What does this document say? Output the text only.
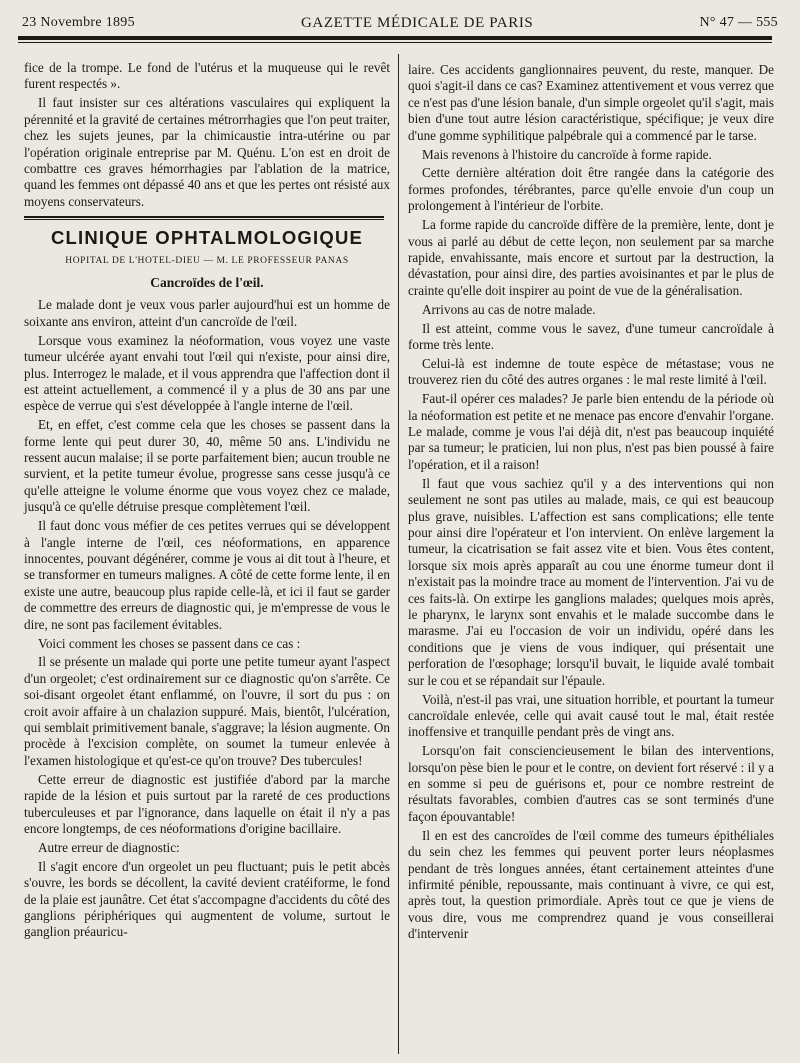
23 Novembre 1895	GAZETTE MÉDICALE DE PARIS	N° 47 — 555

fice de la trompe. Le fond de l'utérus et la muqueuse qui le revêt furent respectés ».

Il faut insister sur ces altérations vasculaires qui expliquent la pérennité et la gravité de certaines métrorrhagies que l'on peut traiter, chez les sujets jeunes, par la chimicaustie intra-utérine ou par l'opération originale entreprise par M. Quénu. L'on est en droit de combattre ces graves hémorrhagies par l'ablation de la matrice, quand les femmes ont dépassé 40 ans et que les pertes ont résisté aux moyens conservateurs.

CLINIQUE OPHTALMOLOGIQUE
HOPITAL DE L'HOTEL-DIEU — M. LE PROFESSEUR PANAS
Cancroïdes de l'œil.

Le malade dont je veux vous parler aujourd'hui est un homme de soixante ans environ, atteint d'un cancroïde de l'œil.

Lorsque vous examinez la néoformation, vous voyez une vaste tumeur ulcérée ayant envahi tout l'œil qui n'existe, pour ainsi dire, plus. Interrogez le malade, et il vous apprendra que l'affection dont il est atteint actuellement, a commencé il y a plus de 30 ans par une espèce de verrue qui s'est développée à l'angle interne de l'œil.

Et, en effet, c'est comme cela que les choses se passent dans la forme lente qui peut durer 30, 40, même 50 ans. L'individu ne ressent aucun malaise; il se porte parfaitement bien; aucun trouble ne survient, et la petite tumeur évolue, progresse sans cesse jusqu'à ce qu'elle atteigne le volume énorme que vous voyez chez ce malade, jusqu'à ce qu'elle détruise presque complètement l'œil.

Il faut donc vous méfier de ces petites verrues qui se développent à l'angle interne de l'œil, ces néoformations, en apparence innocentes, pouvant dégénérer, comme je vous ai dit tout à l'heure, et se transformer en tumeurs malignes. A côté de cette forme lente, il en existe une autre, beaucoup plus rapide celle-là, et ici il faut se garder de commettre des erreurs de diagnostic qui, je m'empresse de vous le dire, ne sont pas facilement évitables.

Voici comment les choses se passent dans ce cas :

Il se présente un malade qui porte une petite tumeur ayant l'aspect d'un orgeolet; c'est ordinairement sur ce diagnostic qu'on s'arrête. Ce soi-disant orgeolet étant enflammé, on l'ouvre, il sort du pus : on croit avoir affaire à un chalazion suppuré. Mais, bientôt, l'ulcération, qui semblait primitivement banale, s'aggrave; la lésion augmente. On procède à l'excision complète, on soumet la tumeur enlevée à l'examen histologique et qu'est-ce qu'on trouve? Des tubercules!

Cette erreur de diagnostic est justifiée d'abord par la marche rapide de la lésion et puis surtout par la rareté de ces productions tuberculeuses et par l'ignorance, dans laquelle on était il n'y a pas encore longtemps, de ces néoformations d'origine bacillaire.

Autre erreur de diagnostic:

Il s'agit encore d'un orgeolet un peu fluctuant; puis le petit abcès s'ouvre, les bords se décollent, la cavité devient cratéiforme, le fond de la plaie est jaunâtre. Cet état s'accompagne d'accidents du côté des ganglions périphériques qui augmentent de volume, surtout le ganglion préauricu-

laire. Ces accidents ganglionnaires peuvent, du reste, manquer. De quoi s'agit-il dans ce cas? Examinez attentivement et vous verrez que ce n'est pas d'une lésion banale, d'un simple orgeolet qu'il s'agit, mais bien d'une tout autre lésion caractéristique, spécifique; je veux dire d'une gomme syphilitique palpébrale qui a commencé par le tarse.

Mais revenons à l'histoire du cancroïde à forme rapide.

Cette dernière altération doit être rangée dans la catégorie des formes profondes, térébrantes, parce qu'elle envoie d'un coup un prolongement à l'intérieur de l'orbite.

La forme rapide du cancroïde diffère de la première, lente, dont je vous ai parlé au début de cette leçon, non seulement par sa marche rapide, envahissante, mais encore et surtout par la destruction, la dévastation, pour ainsi dire, des parties avoisinantes et par le plus de crainte qu'elle doit inspirer au point de vue de la généralisation.

Arrivons au cas de notre malade.

Il est atteint, comme vous le savez, d'une tumeur cancroïdale à forme très lente.

Celui-là est indemne de toute espèce de métastase; vous ne trouverez rien du côté des autres organes : le mal reste limité à l'œil.

Faut-il opérer ces malades? Je parle bien entendu de la période où la néoformation est petite et ne menace pas encore d'envahir l'organe. Le malade, comme je vous l'ai déjà dit, n'est pas beaucoup inquiété par sa tumeur; le praticien, lui non plus, n'est pas bien poussé à faire l'opération, et il a raison!

Il faut que vous sachiez qu'il y a des interventions qui non seulement ne sont pas utiles au malade, mais, ce qui est beaucoup plus grave, nuisibles. L'affection est sans complications; elle tente pour ainsi dire l'opérateur et l'on intervient. On enlève largement la tumeur, la cicatrisation se fait assez vite et bien. Vous êtes content, lorsque six mois après apparaît au cou une énorme tumeur dont il n'existait pas la moindre trace au moment de l'intervention. J'ai vu de ces faits-là. On extirpe les ganglions malades; quelques mois après, le pharynx, le larynx sont envahis et le malade succombe dans le marasme. J'ai eu l'occasion de voir un individu, opéré dans les conditions que je viens de vous indiquer, qui présentait une perforation de l'œsophage; lorsqu'il buvait, le liquide avalé tombait sur le cou et se répandait sur l'épaule.

Voilà, n'est-il pas vrai, une situation horrible, et pourtant la tumeur cancroïdale enlevée, celle qui avait causé tout le mal, était restée inoffensive et tranquille pendant près de vingt ans.

Lorsqu'on fait consciencieusement le bilan des interventions, lorsqu'on pèse bien le pour et le contre, on devient fort réservé : il y a en somme si peu de guérisons et, pour ce nombre restreint de résultats favorables, combien d'autres cas se sont terminés d'une façon épouvantable!

Il en est des cancroïdes de l'œil comme des tumeurs épithéliales du sein chez les femmes qui peuvent porter leurs néoplasmes pendant de très longues années, étant certainement atteintes d'une infirmité pénible, repoussante, mais continuant à vivre, ce qui est, après tout, la question primordiale. Après tout ce que je viens de vous dire, vous me comprendrez quand je vous conseillerai d'intervenir
